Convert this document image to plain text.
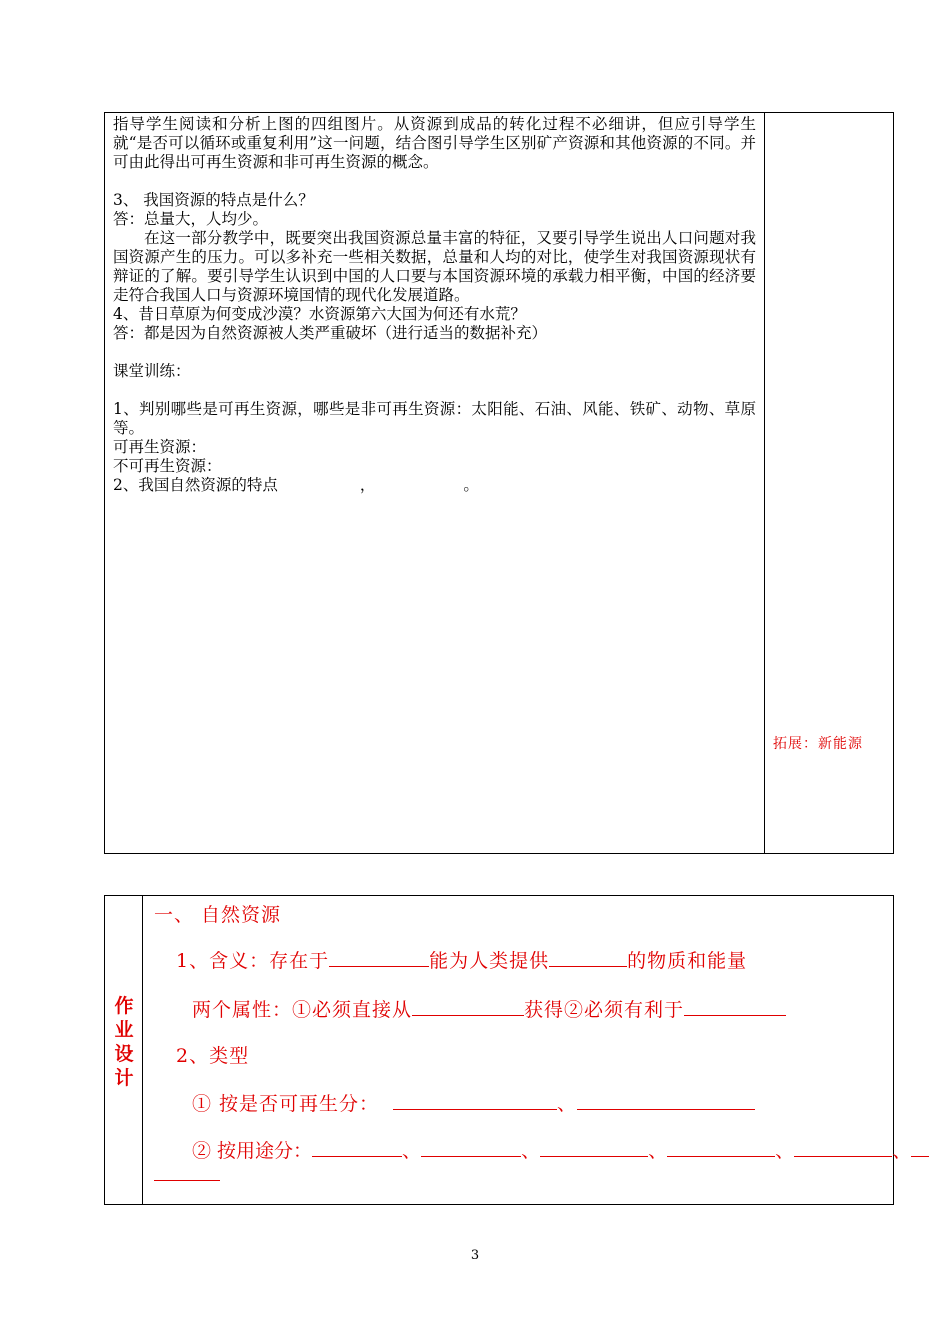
指导学生阅读和分析上图的四组图片。从资源到成品的转化过程不必细讲，但应引导学生就“是否可以循环或重复利用”这一问题，结合图引导学生区别矿产资源和其他资源的不同。并可由此得出可再生资源和非可再生资源的概念。

3、 我国资源的特点是什么？

答：总量大，人均少。

在这一部分教学中，既要突出我国资源总量丰富的特征，又要引导学生说出人口问题对我国资源产生的压力。可以多补充一些相关数据，总量和人均的对比，使学生对我国资源现状有辩证的了解。要引导学生认识到中国的人口要与本国资源环境的承载力相平衡，中国的经济要走符合我国人口与资源环境国情的现代化发展道路。

4、昔日草原为何变成沙漠？水资源第六大国为何还有水荒？

答：都是因为自然资源被人类严重破坏（进行适当的数据补充）

课堂训练：

1、判别哪些是可再生资源，哪些是非可再生资源：太阳能、石油、风能、铁矿、动物、草原等。

可再生资源：

不可再生资源：

2、我国自然资源的特点	，	。

拓展：新能源
作
业
设
计
一、 自然资源
1、含义：存在于	能为人类提供	的物质和能量
两个属性：①必须直接从	获得②必须有利于
2、类型
① 按是否可再生分：	、
② 按用途分：	、	、	、	、	、
3
